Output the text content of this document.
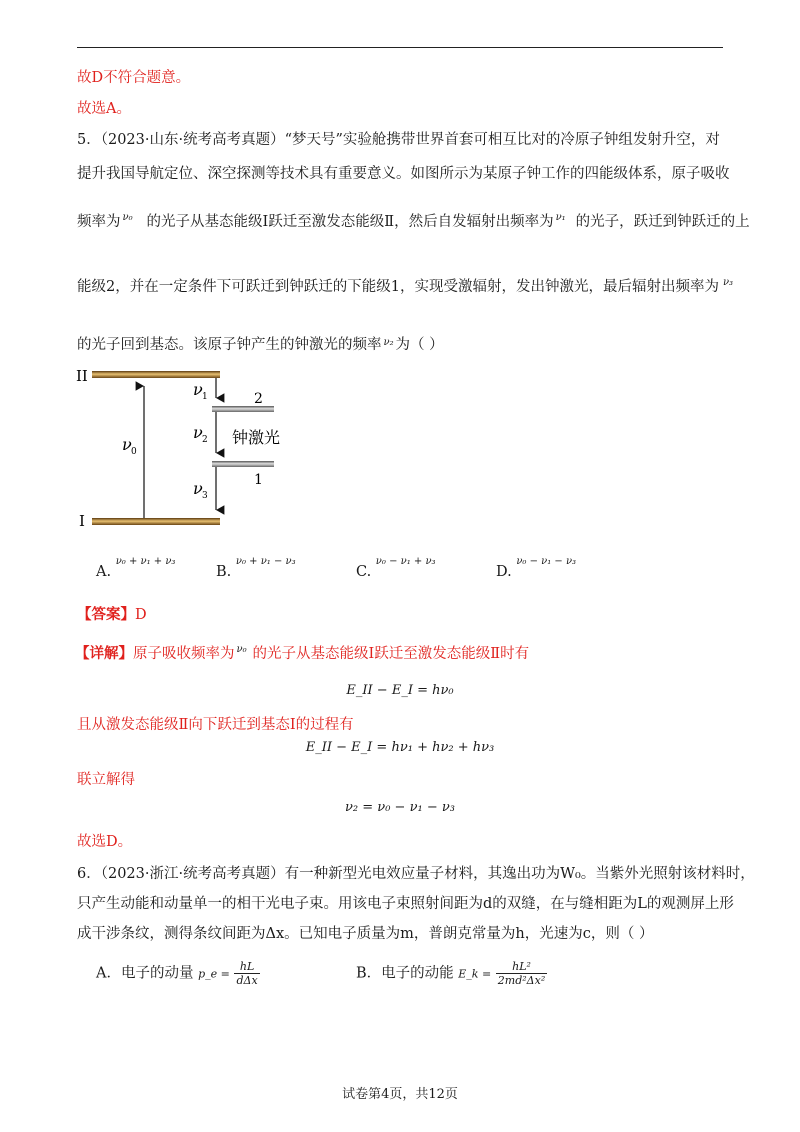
故D不符合题意。
故选A。
5．（2023·山东·统考高考真题）“梦天号”实验舱携带世界首套可相互比对的冷原子钟组发射升空，对
提升我国导航定位、深空探测等技术具有重要意义。如图所示为某原子钟工作的四能级体系，原子吸收
频率为 ν₀ 的光子从基态能级Ⅰ跃迁至激发态能级Ⅱ，然后自发辐射出频率为 ν₁ 的光子，跃迁到钟跃迁的上
能级2，并在一定条件下可跃迁到钟跃迁的下能级1，实现受激辐射，发出钟激光，最后辐射出频率为 ν₃
的光子回到基态。该原子钟产生的钟激光的频率 ν₂ 为（ ）
II
I
2
1
ν 0
ν 1
ν 2
ν 3
钟激光
A. $^{\nu_0 + \nu_1 + \nu_3}$
B. $^{\nu_0 + \nu_1 - \nu_3}$
C. $^{\nu_0 - \nu_1 + \nu_3}$
D. $^{\nu_0 - \nu_1 - \nu_3}$
【答案】D
【详解】原子吸收频率为 ν₀ 的光子从基态能级Ⅰ跃迁至激发态能级Ⅱ时有
E_II − E_I = hν₀
且从激发态能级Ⅱ向下跃迁到基态Ⅰ的过程有
E_II − E_I = hν₁ + hν₂ + hν₃
联立解得
ν₂ = ν₀ − ν₁ − ν₃
故选D。
6．（2023·浙江·统考高考真题）有一种新型光电效应量子材料，其逸出功为W₀。当紫外光照射该材料时，
只产生动能和动量单一的相干光电子束。用该电子束照射间距为d的双缝，在与缝相距为L的观测屏上形
成干涉条纹，测得条纹间距为Δx。已知电子质量为m，普朗克常量为h，光速为c，则（ ）
A．电子的动量 p_e = $\frac{hL}{\text{dΔx}}$	B．电子的动能 E_k = $\frac{\text{hL²}}{\text{2md²Δx²}}$
试卷第4页，共12页
